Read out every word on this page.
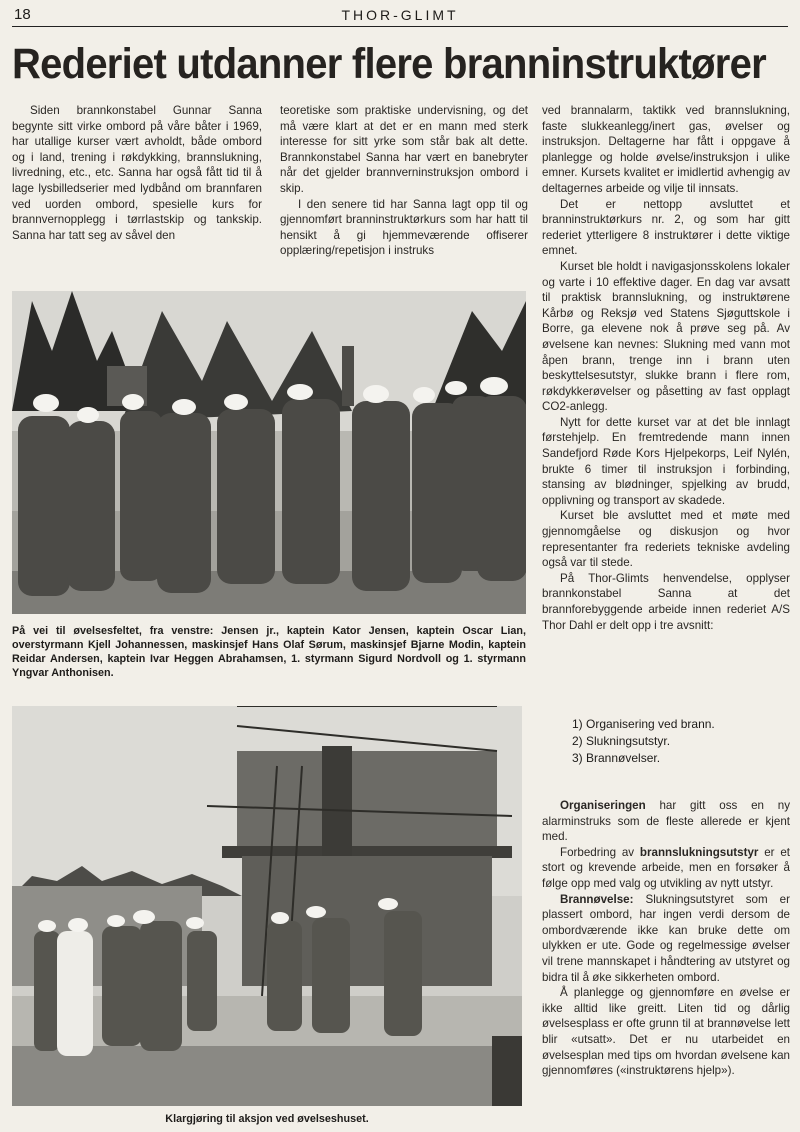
18	THOR-GLIMT
Rederiet utdanner flere branninstruktører

Siden brannkonstabel Gunnar Sanna begynte sitt virke ombord på våre båter i 1969, har utallige kurser vært avholdt, både ombord og i land, trening i røkdykking, brannslukning, livredning, etc., etc. Sanna har også fått tid til å lage lysbilledserier med lydbånd om brannfaren ved uorden ombord, spesielle kurs for brannvernopplegg i tørrlastskip og tankskip. Sanna har tatt seg av såvel den

teoretiske som praktiske undervisning, og det må være klart at det er en mann med sterk interesse for sitt yrke som står bak alt dette. Brannkonstabel Sanna har vært en banebryter når det gjelder brannverninstruksjon ombord i skip.

I den senere tid har Sanna lagt opp til og gjennomført branninstruktørkurs som har hatt til hensikt å gi hjemmeværende offiserer opplæring/repetisjon i instruks

ved brannalarm, taktikk ved brannslukning, faste slukkeanlegg/inert gas, øvelser og instruksjon. Deltagerne har fått i oppgave å planlegge og holde øvelse/instruksjon i ulike emner. Kursets kvalitet er imidlertid avhengig av deltagernes arbeide og vilje til innsats.

Det er nettopp avsluttet et branninstruktørkurs nr. 2, og som har gitt rederiet ytterligere 8 instruktører i dette viktige emnet.

Kurset ble holdt i navigasjonsskolens lokaler og varte i 10 effektive dager. En dag var avsatt til praktisk brannslukning, og instruktørene Kårbø og Reksjø ved Statens Sjøguttskole i Borre, ga elevene nok å prøve seg på. Av øvelsene kan nevnes: Slukning med vann mot åpen brann, trenge inn i brann uten beskyttelsesutstyr, slukke brann i flere rom, røkdykkerøvelser og påsetting av fast opplagt CO2-anlegg.

Nytt for dette kurset var at det ble innlagt førstehjelp. En fremtredende mann innen Sandefjord Røde Kors Hjelpekorps, Leif Nylén, brukte 6 timer til instruksjon i forbinding, stansing av blødninger, spjelking av brudd, opplivning og transport av skadede.

Kurset ble avsluttet med et møte med gjennomgåelse og diskusjon og hvor representanter fra rederiets tekniske avdeling også var til stede.

På Thor-Glimts henvendelse, opplyser brannkonstabel Sanna at det brannforebyggende arbeide innen rederiet A/S Thor Dahl er delt opp i tre avsnitt:

1) Organisering ved brann.
2) Slukningsutstyr.
3) Brannøvelser.

Organiseringen har gitt oss en ny alarminstruks som de fleste allerede er kjent med.

Forbedring av brannslukningsutstyr er et stort og krevende arbeide, men en forsøker å følge opp med valg og utvikling av nytt utstyr.

Brannøvelse: Slukningsutstyret som er plassert ombord, har ingen verdi dersom de ombordværende ikke kan bruke dette om ulykken er ute. Gode og regelmessige øvelser vil trene mannskapet i håndtering av utstyret og bidra til å øke sikkerheten ombord.

Å planlegge og gjennomføre en øvelse er ikke alltid like greitt. Liten tid og dårlig øvelsesplass er ofte grunn til at brannøvelse lett blir «utsatt». Det er nu utarbeidet en øvelsesplan med tips om hvordan øvelsene kan gjennomføres («instruktørens hjelp»).

På vei til øvelsesfeltet, fra venstre: Jensen jr., kaptein Kator Jensen, kaptein Oscar Lian, overstyrmann Kjell Johannessen, maskinsjef Hans Olaf Sørum, maskinsjef Bjarne Modin, kaptein Reidar Andersen, kaptein Ivar Heggen Abrahamsen, 1. styrmann Sigurd Nordvoll og 1. styrmann Yngvar Anthonisen.
Klargjøring til aksjon ved øvelseshuset.
